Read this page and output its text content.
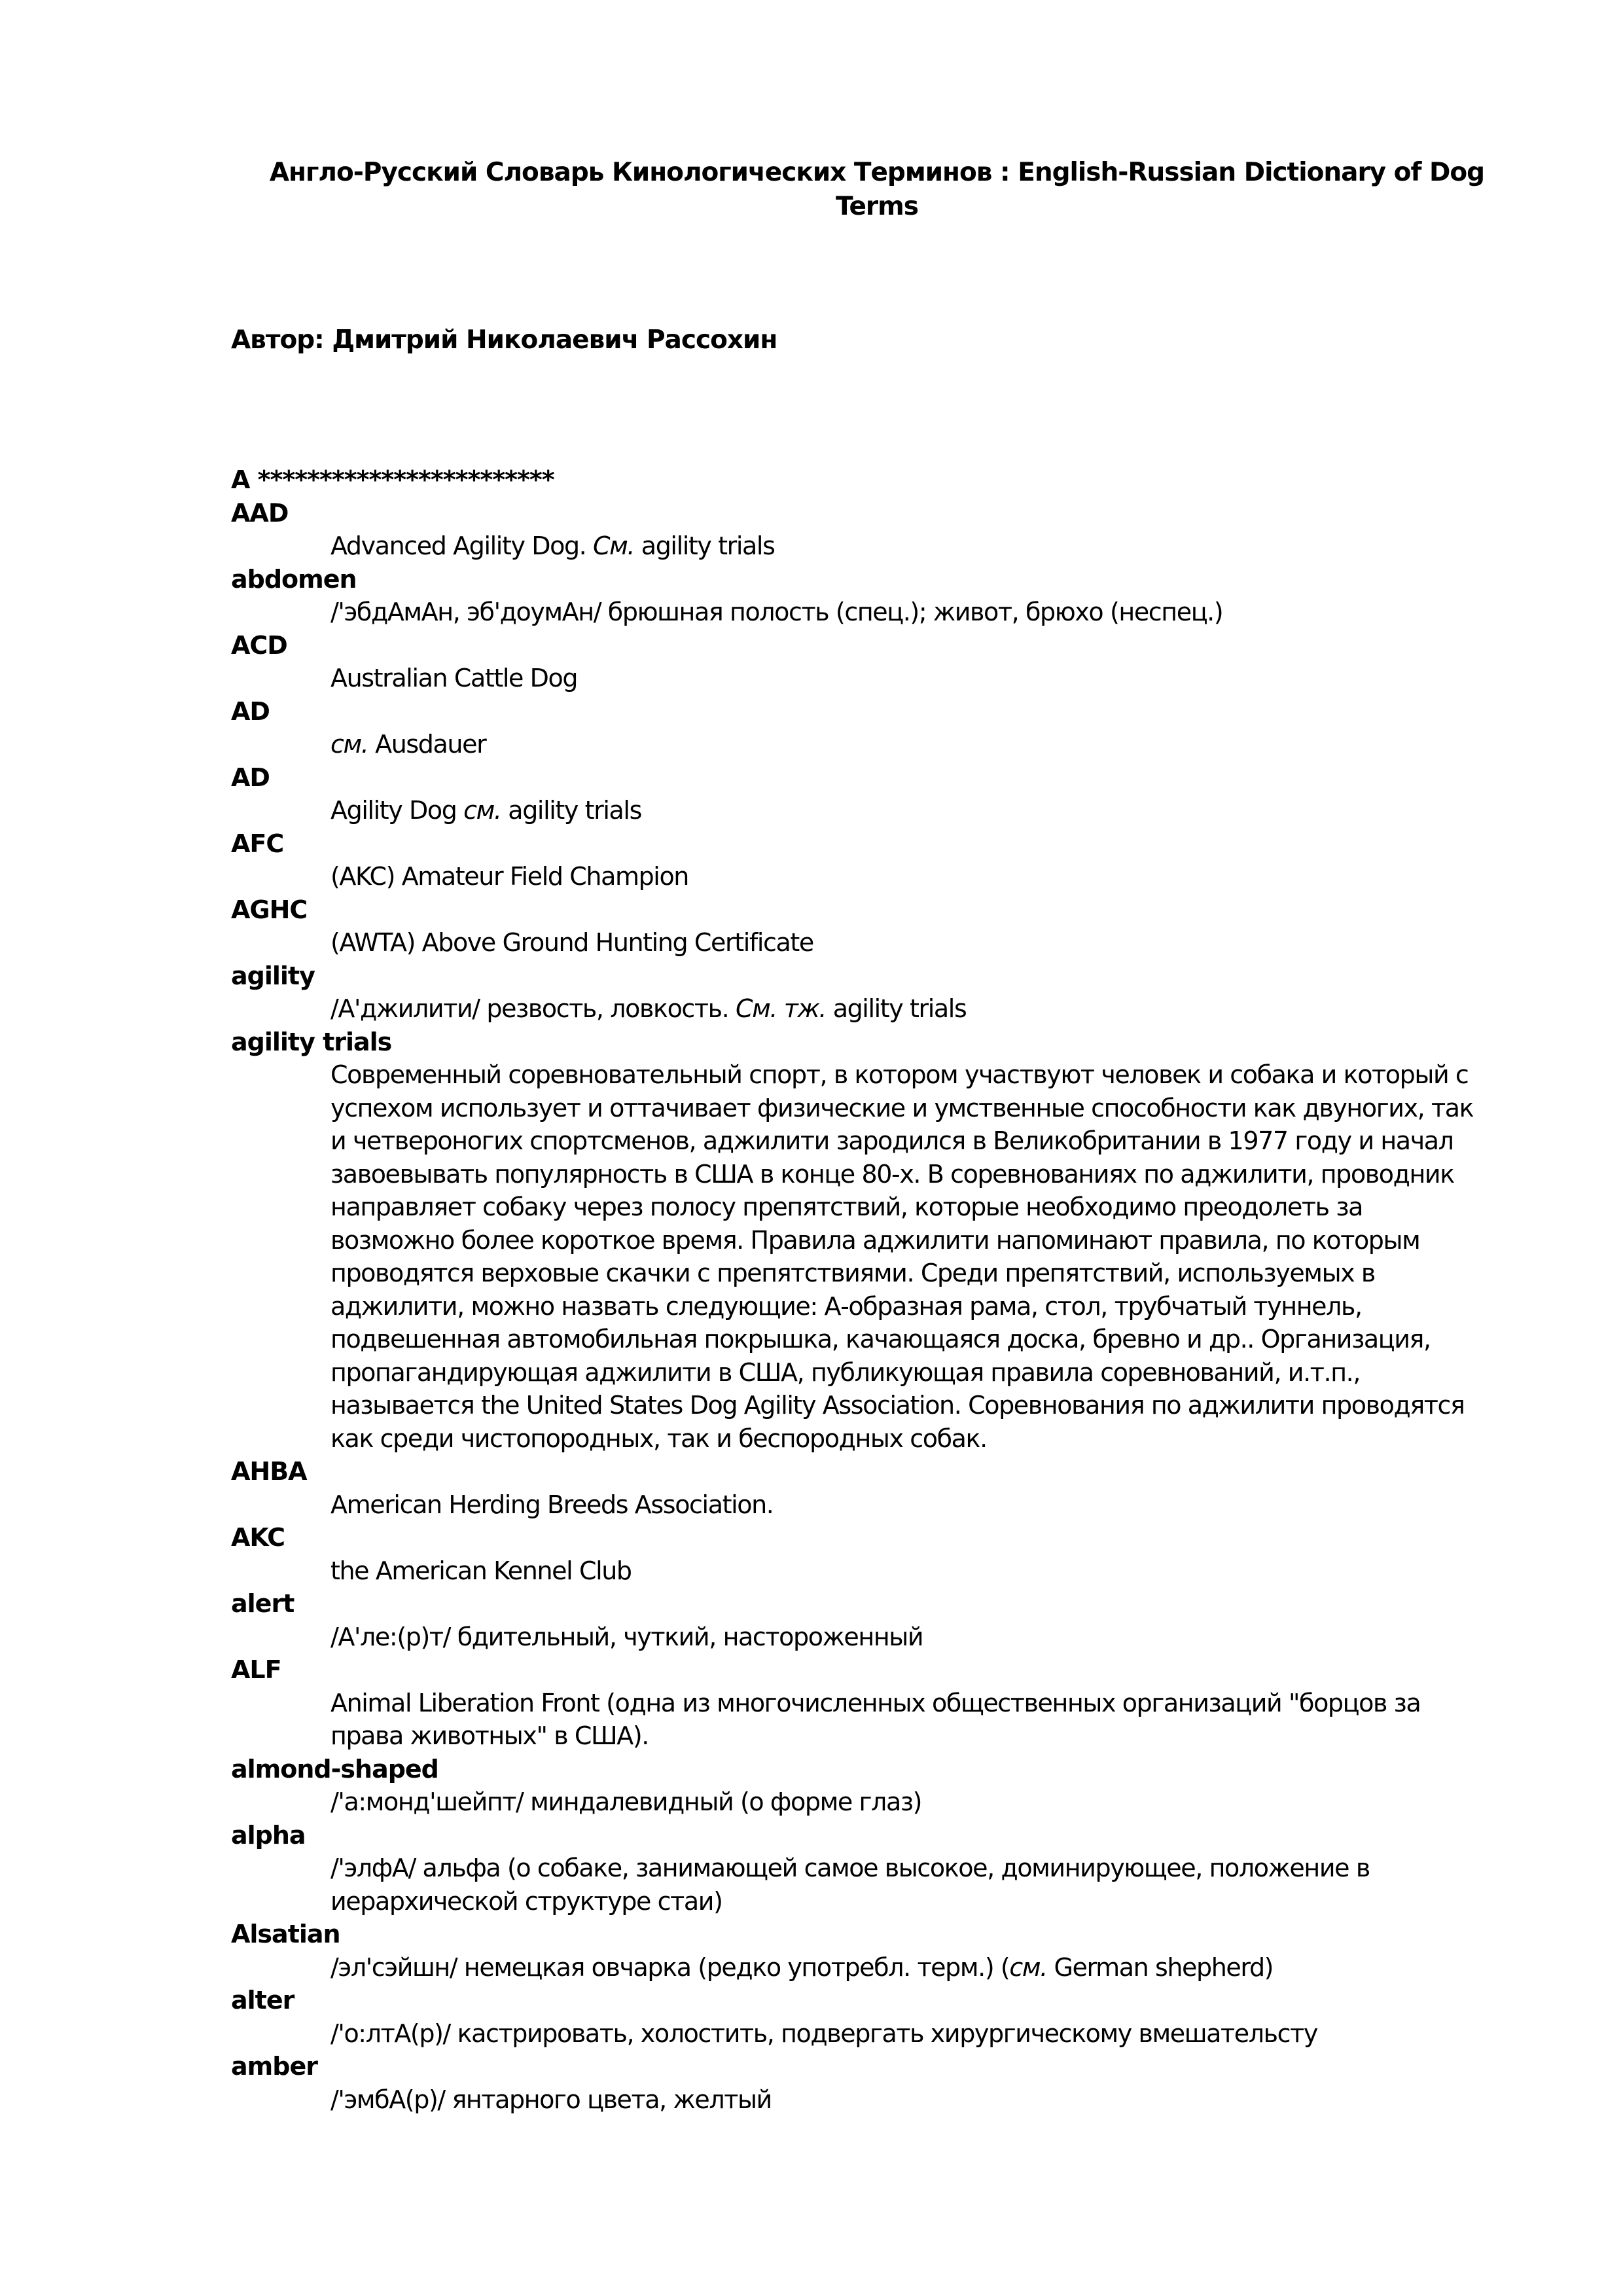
Англо-Русский Словарь Кинологических Терминов : English-Russian Dictionary of Dog
Terms
Автор: Дмитрий Николаевич Рассохин
A ************************
AAD
Advanced Agility Dog. См. agility trials
abdomen
/'эбдАмАн, эб'доумАн/ брюшная полость (спец.); живот, брюхо (неспец.)
ACD
Australian Cattle Dog
AD
см. Ausdauer
AD
Agility Dog см. agility trials
AFC
(AKC) Amateur Field Champion
AGHC
(AWTA) Above Ground Hunting Certificate
agility
/А'джилити/ резвость, ловкость. См. тж. agility trials
agility trials
Современный соревновательный спорт, в котором участвуют человек и собака и который с
успехом использует и оттачивает физические и умственные способности как двуногих, так
и четвероногих спортсменов, аджилити зародился в Великобритании в 1977 году и начал
завоевывать популярность в США в конце 80-х. В соревнованиях по аджилити, проводник
направляет собаку через полосу препятствий, которые необходимо преодолеть за
возможно более короткое время. Правила аджилити напоминают правила, по которым
проводятся верховые скачки с препятствиями. Среди препятствий, используемых в
аджилити, можно назвать следующие: А-образная рама, стол, трубчатый туннель,
подвешенная автомобильная покрышка, качающаяся доска, бревно и др.. Организация,
пропагандирующая аджилити в США, публикующая правила соревнований, и.т.п.,
называется the United States Dog Agility Association. Соревнования по аджилити проводятся
как среди чистопородных, так и беспородных собак.
AHBA
American Herding Breeds Association.
AKC
the American Kennel Club
alert
/А'ле:(р)т/ бдительный, чуткий, настороженный
ALF
Animal Liberation Front (одна из многочисленных общественных организаций "борцов за
права животных" в США).
almond-shaped
/'а:монд'шейпт/ миндалевидный (о форме глаз)
alpha
/'элфА/ альфа (о собаке, занимающей самое высокое, доминирующее, положение в
иерархической структуре стаи)
Alsatian
/эл'сэйшн/ немецкая овчарка (редко употребл. терм.) (см. German shepherd)
alter
/'о:лтА(р)/ кастрировать, холостить, подвергать хирургическому вмешательсту
amber
/'эмбА(р)/ янтарного цвета, желтый
